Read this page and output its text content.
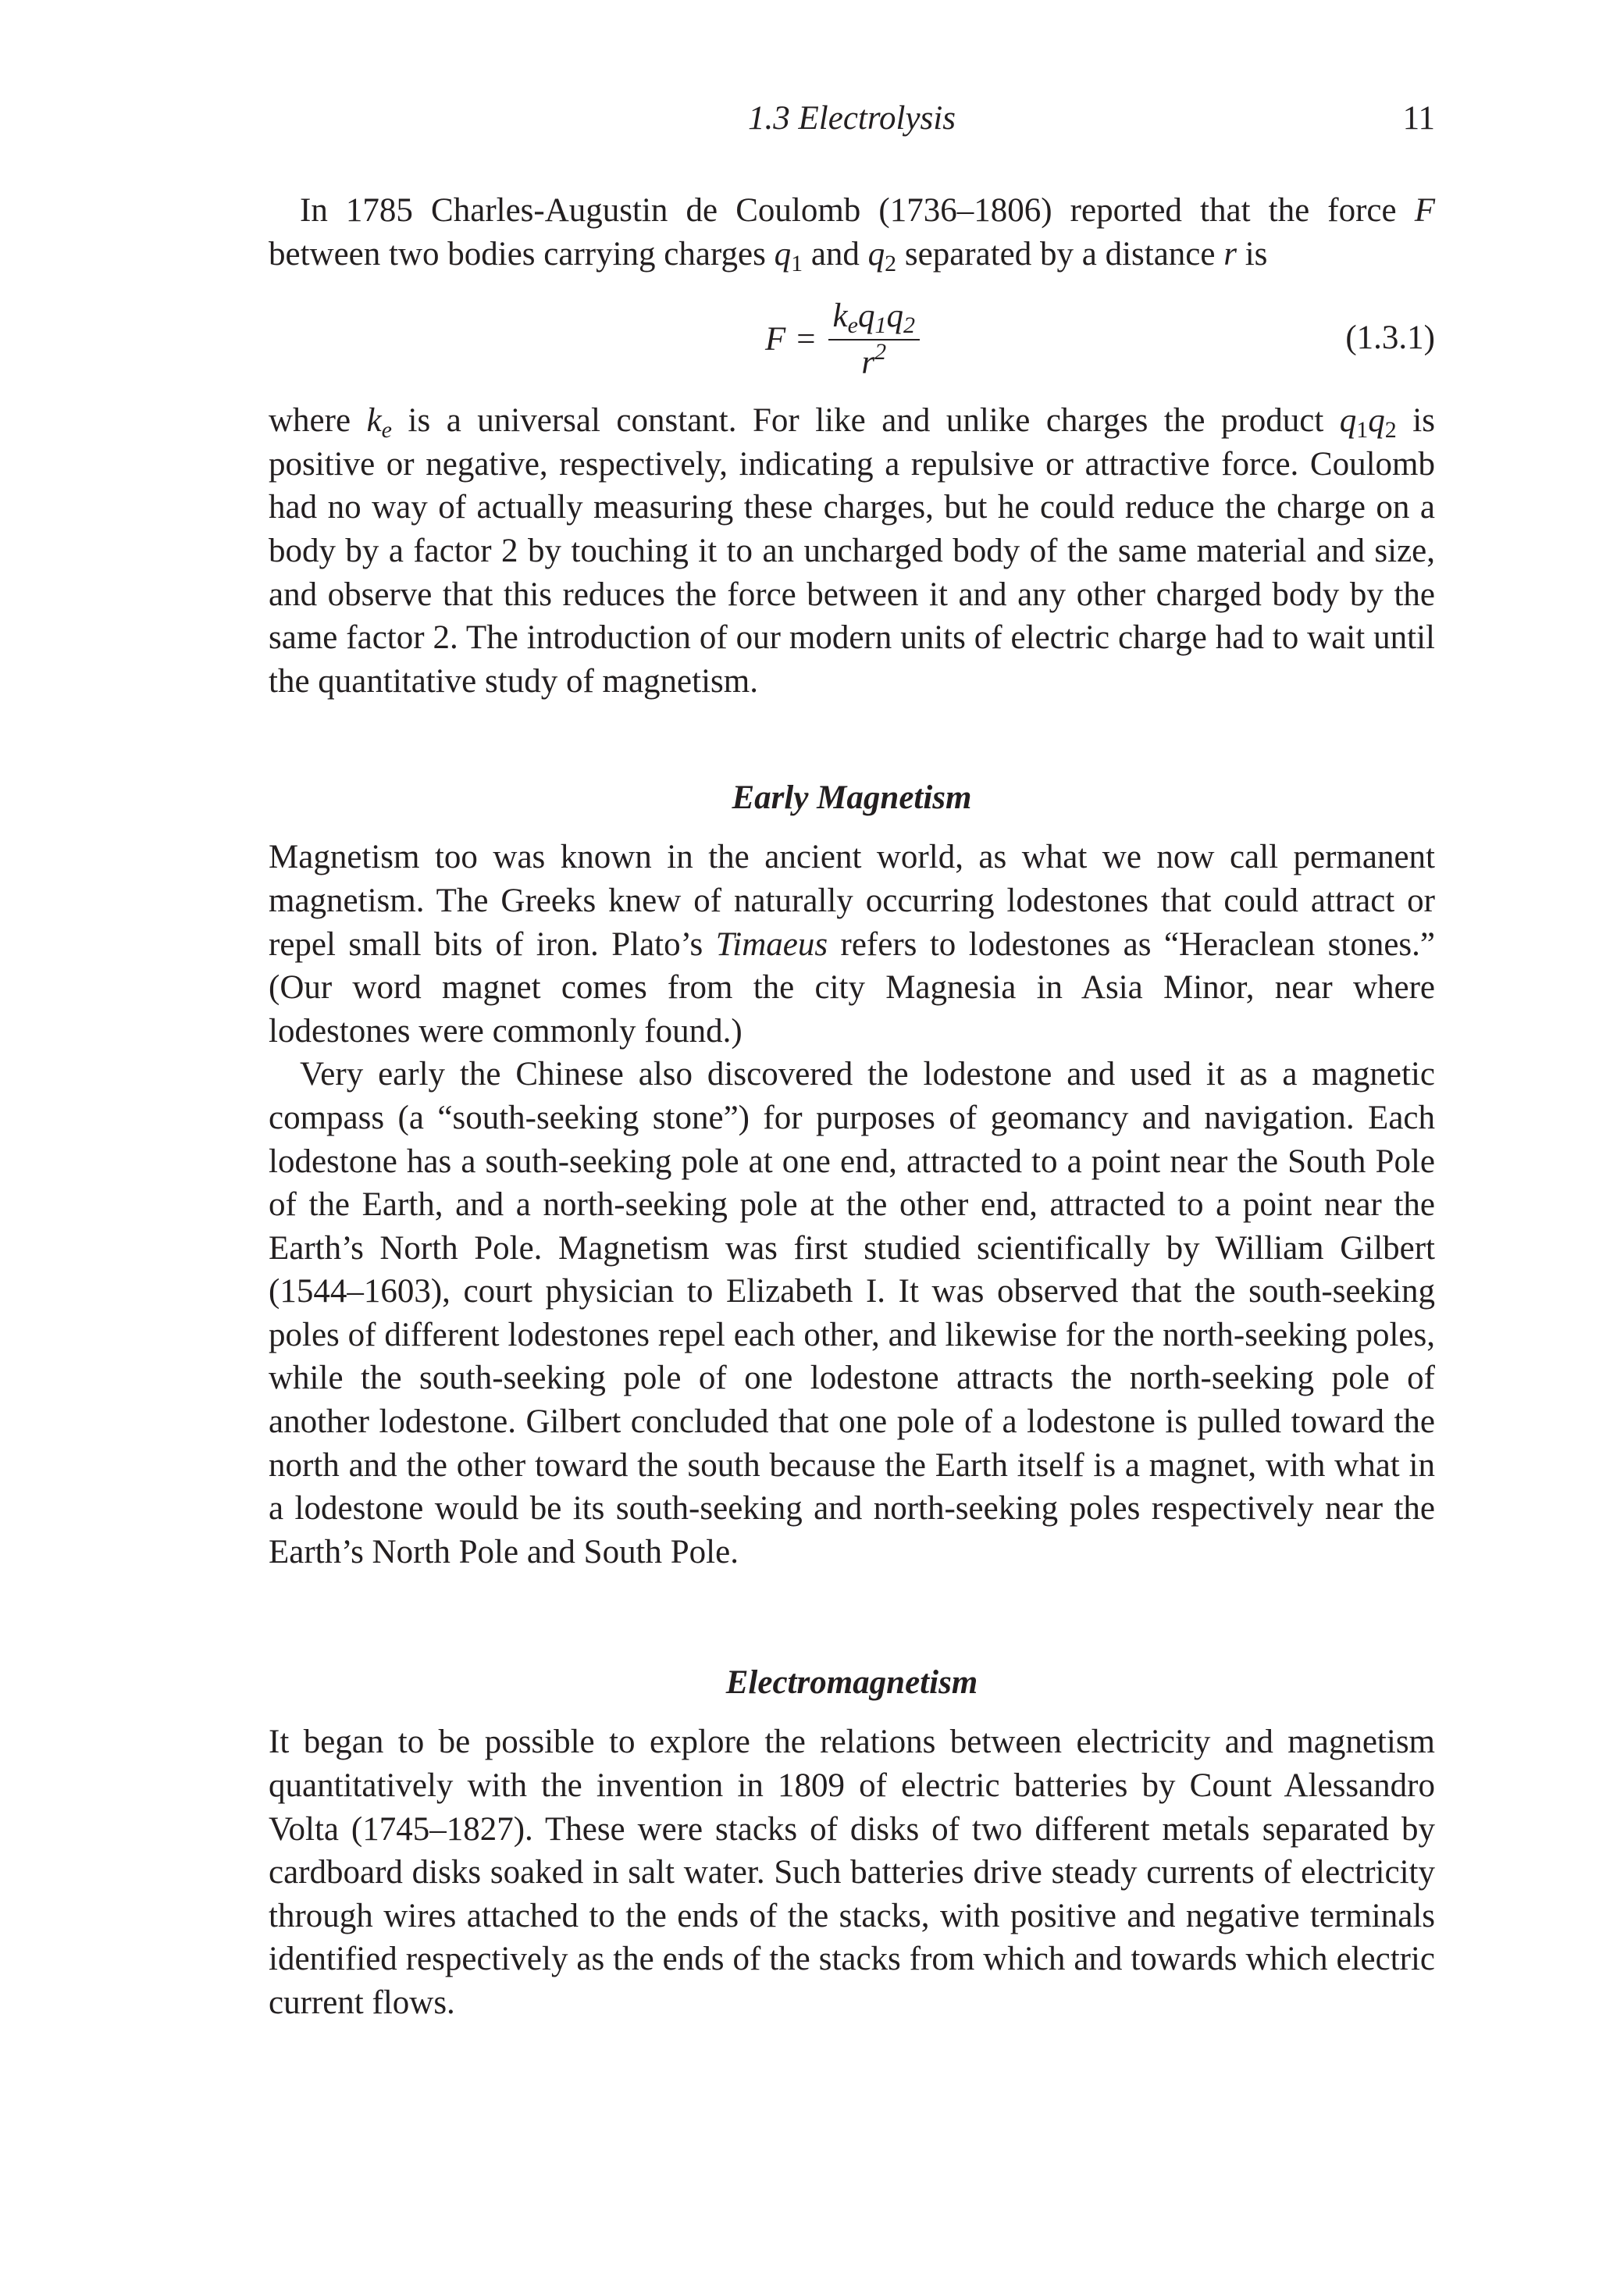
1.3 Electrolysis	11

In 1785 Charles-Augustin de Coulomb (1736–1806) reported that the force F between two bodies carrying charges $q_1$ and $q_2$ separated by a distance r is

$F = \frac{k_eq_1q_2}{r^2}$	(1.3.1)

where $k_e$ is a universal constant. For like and unlike charges the product $q_1q_2$ is positive or negative, respectively, indicating a repulsive or attractive force. Coulomb had no way of actually measuring these charges, but he could reduce the charge on a body by a factor 2 by touching it to an uncharged body of the same material and size, and observe that this reduces the force between it and any other charged body by the same factor 2. The introduction of our modern units of electric charge had to wait until the quantitative study of magnetism.

Early Magnetism

Magnetism too was known in the ancient world, as what we now call permanent magnetism. The Greeks knew of naturally occurring lodestones that could attract or repel small bits of iron. Plato’s Timaeus refers to lodestones as “Heraclean stones.” (Our word magnet comes from the city Magnesia in Asia Minor, near where lodestones were commonly found.)

Very early the Chinese also discovered the lodestone and used it as a magnetic compass (a “south-seeking stone”) for purposes of geomancy and navigation. Each lodestone has a south-seeking pole at one end, attracted to a point near the South Pole of the Earth, and a north-seeking pole at the other end, attracted to a point near the Earth’s North Pole. Magnetism was first studied scientifically by William Gilbert (1544–1603), court physician to Elizabeth I. It was observed that the south-seeking poles of different lodestones repel each other, and likewise for the north-seeking poles, while the south-seeking pole of one lodestone attracts the north-seeking pole of another lodestone. Gilbert concluded that one pole of a lodestone is pulled toward the north and the other toward the south because the Earth itself is a magnet, with what in a lodestone would be its south-seeking and north-seeking poles respectively near the Earth’s North Pole and South Pole.

Electromagnetism

It began to be possible to explore the relations between electricity and magnetism quantitatively with the invention in 1809 of electric batteries by Count Alessandro Volta (1745–1827). These were stacks of disks of two different metals separated by cardboard disks soaked in salt water. Such batteries drive steady currents of electricity through wires attached to the ends of the stacks, with positive and negative terminals identified respectively as the ends of the stacks from which and towards which electric current flows.
